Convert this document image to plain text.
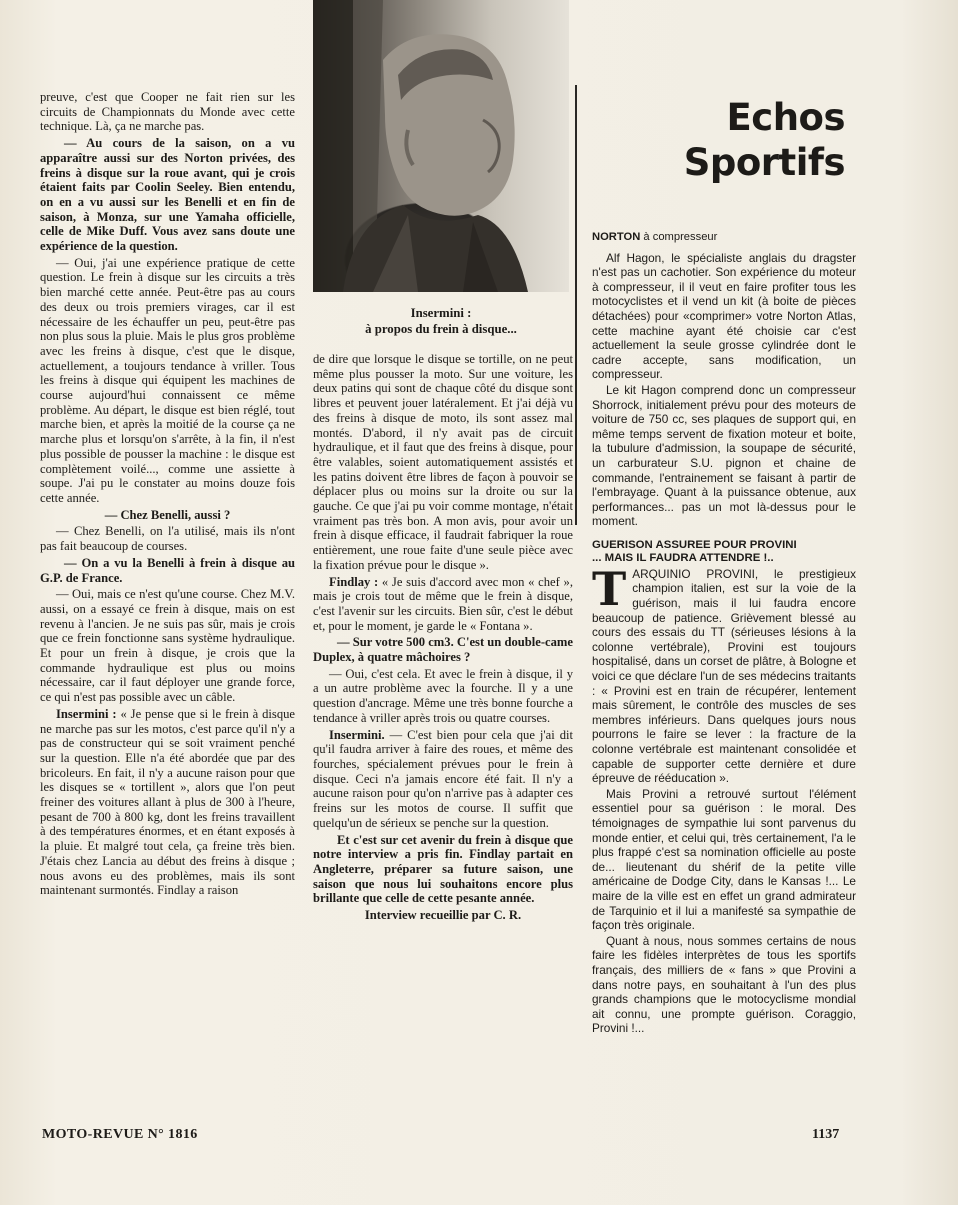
Insermini :
à propos du frein à disque...
Echos
Sportifs

preuve, c'est que Cooper ne fait rien sur les circuits de Championnats du Monde avec cette technique. Là, ça ne marche pas.

— Au cours de la saison, on a vu apparaître aussi sur des Norton privées, des freins à disque sur la roue avant, qui je crois étaient faits par Coolin Seeley. Bien entendu, on en a vu aussi sur les Benelli et en fin de saison, à Monza, sur une Yamaha officielle, celle de Mike Duff. Vous avez sans doute une expérience de la question.

— Oui, j'ai une expérience pratique de cette question. Le frein à disque sur les circuits a très bien marché cette année. Peut-être pas au cours des deux ou trois premiers virages, car il est nécessaire de les échauffer un peu, peut-être pas non plus sous la pluie. Mais le plus gros problème avec les freins à disque, c'est que le disque, actuellement, a toujours tendance à vriller. Tous les freins à disque qui équipent les machines de course aujourd'hui connaissent ce même problème. Au départ, le disque est bien réglé, tout marche bien, et après la moitié de la course ça ne marche plus et lorsqu'on s'arrête, à la fin, il n'est plus possible de pousser la machine : le disque est complètement voilé..., comme une assiette à soupe. J'ai pu le constater au moins douze fois cette année.

— Chez Benelli, aussi ?

— Chez Benelli, on l'a utilisé, mais ils n'ont pas fait beaucoup de courses.

— On a vu la Benelli à frein à disque au G.P. de France.

— Oui, mais ce n'est qu'une course. Chez M.V. aussi, on a essayé ce frein à disque, mais on est revenu à l'ancien. Je ne suis pas sûr, mais je crois que ce frein fonctionne sans système hydraulique. Et pour un frein à disque, je crois que la commande hydraulique est plus ou moins nécessaire, car il faut déployer une grande force, ce qui n'est pas possible avec un câble.

Insermini : « Je pense que si le frein à disque ne marche pas sur les motos, c'est parce qu'il n'y a pas de constructeur qui se soit vraiment penché sur la question. Elle n'a été abordée que par des bricoleurs. En fait, il n'y a aucune raison pour que les disques se « tortillent », alors que l'on peut freiner des voitures allant à plus de 300 à l'heure, pesant de 700 à 800 kg, dont les freins travaillent à des températures énormes, et en étant exposés à la pluie. Et malgré tout cela, ça freine très bien. J'étais chez Lancia au début des freins à disque ; nous avons eu des problèmes, mais ils sont maintenant surmontés. Findlay a raison

de dire que lorsque le disque se tortille, on ne peut même plus pousser la moto. Sur une voiture, les deux patins qui sont de chaque côté du disque sont libres et peuvent jouer latéralement. Et j'ai déjà vu des freins à disque de moto, ils sont assez mal montés. D'abord, il n'y avait pas de circuit hydraulique, et il faut que des freins à disque, pour être valables, soient automatiquement assistés et les patins doivent être libres de façon à pouvoir se déplacer plus ou moins sur la droite ou sur la gauche. Ce que j'ai pu voir comme montage, n'était vraiment pas très bon. A mon avis, pour avoir un frein à disque efficace, il faudrait fabriquer la roue entièrement, une roue faite d'une seule pièce avec la fixation prévue pour le disque ».

Findlay : « Je suis d'accord avec mon « chef », mais je crois tout de même que le frein à disque, c'est l'avenir sur les circuits. Bien sûr, c'est le début et, pour le moment, je garde le « Fontana ».

— Sur votre 500 cm3. C'est un double-came Duplex, à quatre mâchoires ?

— Oui, c'est cela. Et avec le frein à disque, il y a un autre problème avec la fourche. Il y a une question d'ancrage. Même une très bonne fourche a tendance à vriller après trois ou quatre courses.

Insermini. — C'est bien pour cela que j'ai dit qu'il faudra arriver à faire des roues, et même des fourches, spécialement prévues pour le frein à disque. Ceci n'a jamais encore été fait. Il n'y a aucune raison pour qu'on n'arrive pas à adapter ces freins sur les motos de course. Il suffit que quelqu'un de sérieux se penche sur la question.

Et c'est sur cet avenir du frein à disque que notre interview a pris fin. Findlay partait en Angleterre, préparer sa future saison, une saison que nous lui souhaitons encore plus brillante que celle de cette pesante année.

Interview recueillie par C. R.

NORTON à compresseur

Alf Hagon, le spécialiste anglais du dragster n'est pas un cachotier. Son expérience du moteur à compresseur, il il veut en faire profiter tous les motocyclistes et il vend un kit (à boite de pièces détachées) pour «comprimer» votre Norton Atlas, cette machine ayant été choisie car c'est actuellement la seule grosse cylindrée dont le cadre accepte, sans modification, un compresseur.

Le kit Hagon comprend donc un compresseur Shorrock, initialement prévu pour des moteurs de voiture de 750 cc, ses plaques de support qui, en même temps servent de fixation moteur et boite, la tubulure d'admission, la soupape de sécurité, un carburateur S.U. pignon et chaine de commande, l'entrainement se faisant à partir de l'embrayage. Quant à la puissance obtenue, aux performances... pas un mot là-dessus pour le moment.

GUERISON ASSUREE POUR PROVINI
... MAIS IL FAUDRA ATTENDRE !..

TARQUINIO PROVINI, le prestigieux champion italien, est sur la voie de la guérison, mais il lui faudra encore beaucoup de patience. Grièvement blessé au cours des essais du TT (sérieuses lésions à la colonne vertébrale), Provini est toujours hospitalisé, dans un corset de plâtre, à Bologne et voici ce que déclare l'un de ses médecins traitants : « Provini est en train de récupérer, lentement mais sûrement, le contrôle des muscles de ses membres inférieurs. Dans quelques jours nous pourrons le faire se lever : la fracture de la colonne vertébrale est maintenant consolidée et capable de supporter cette dernière et dure épreuve de rééducation ».

Mais Provini a retrouvé surtout l'élément essentiel pour sa guérison : le moral. Des témoignages de sympathie lui sont parvenus du monde entier, et celui qui, très certainement, l'a le plus frappé c'est sa nomination officielle au poste de... lieutenant du shérif de la petite ville américaine de Dodge City, dans le Kansas !... Le maire de la ville est en effet un grand admirateur de Tarquinio et il lui a manifesté sa sympathie de façon très originale.

Quant à nous, nous sommes certains de nous faire les fidèles interprètes de tous les sportifs français, des milliers de « fans » que Provini a dans notre pays, en souhaitant à l'un des plus grands champions que le motocyclisme mondial ait connu, une prompte guérison. Coraggio, Provini !...

MOTO-REVUE N° 1816	1137
